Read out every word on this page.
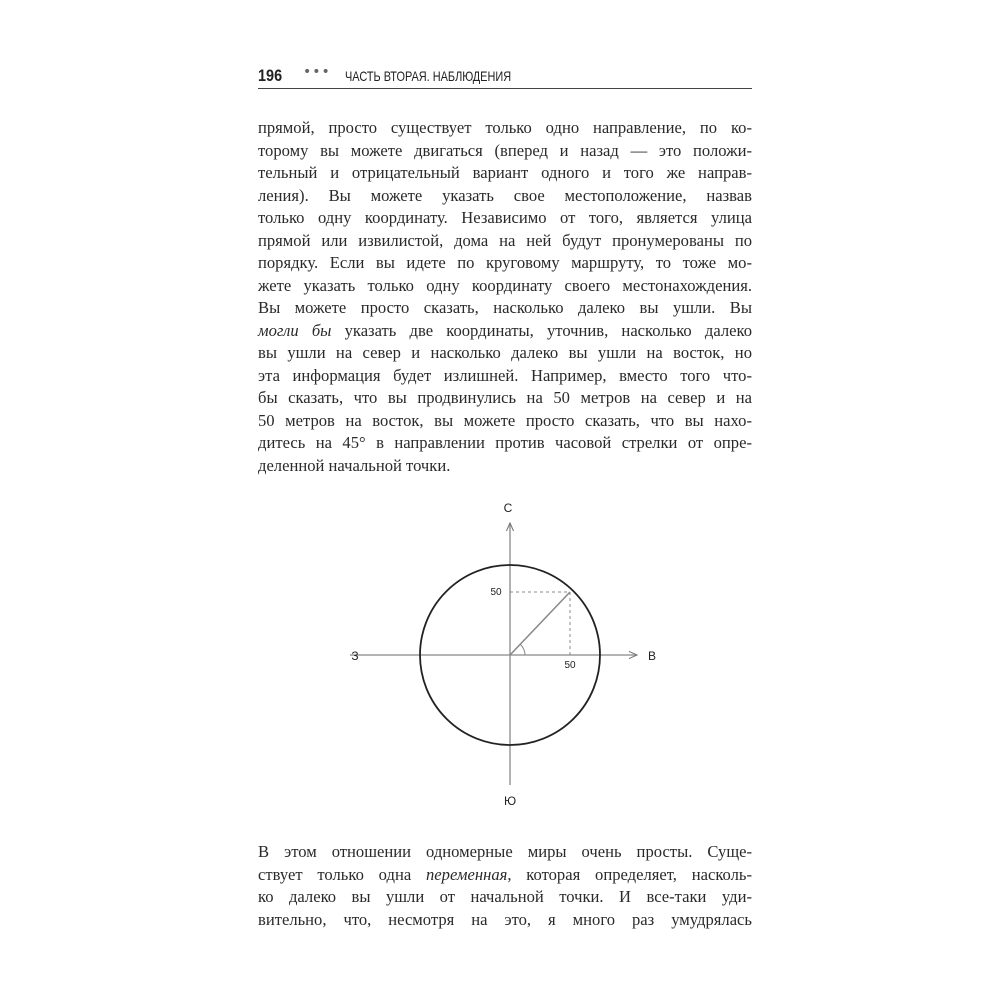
196 ••• ЧАСТЬ ВТОРАЯ. НАБЛЮДЕНИЯ
прямой, просто существует только одно направление, по ко-
торому вы можете двигаться (вперед и назад — это положи-
тельный и отрицательный вариант одного и того же направ-
ления). Вы можете указать свое местоположение, назвав
только одну координату. Независимо от того, является улица
прямой или извилистой, дома на ней будут пронумерованы по
порядку. Если вы идете по круговому маршруту, то тоже мо-
жете указать только одну координату своего местонахождения.
Вы можете просто сказать, насколько далеко вы ушли. Вы
могли бы указать две координаты, уточнив, насколько далеко
вы ушли на север и насколько далеко вы ушли на восток, но
эта информация будет излишней. Например, вместо того что-
бы сказать, что вы продвинулись на 50 метров на север и на
50 метров на восток, вы можете просто сказать, что вы нахо-
дитесь на 45° в направлении против часовой стрелки от опре-
деленной начальной точки.
50
50
С
З	В
Ю
В этом отношении одномерные миры очень просты. Суще-
ствует только одна переменная, которая определяет, насколь-
ко далеко вы ушли от начальной точки. И все-таки уди-
вительно, что, несмотря на это, я много раз умудрялась
